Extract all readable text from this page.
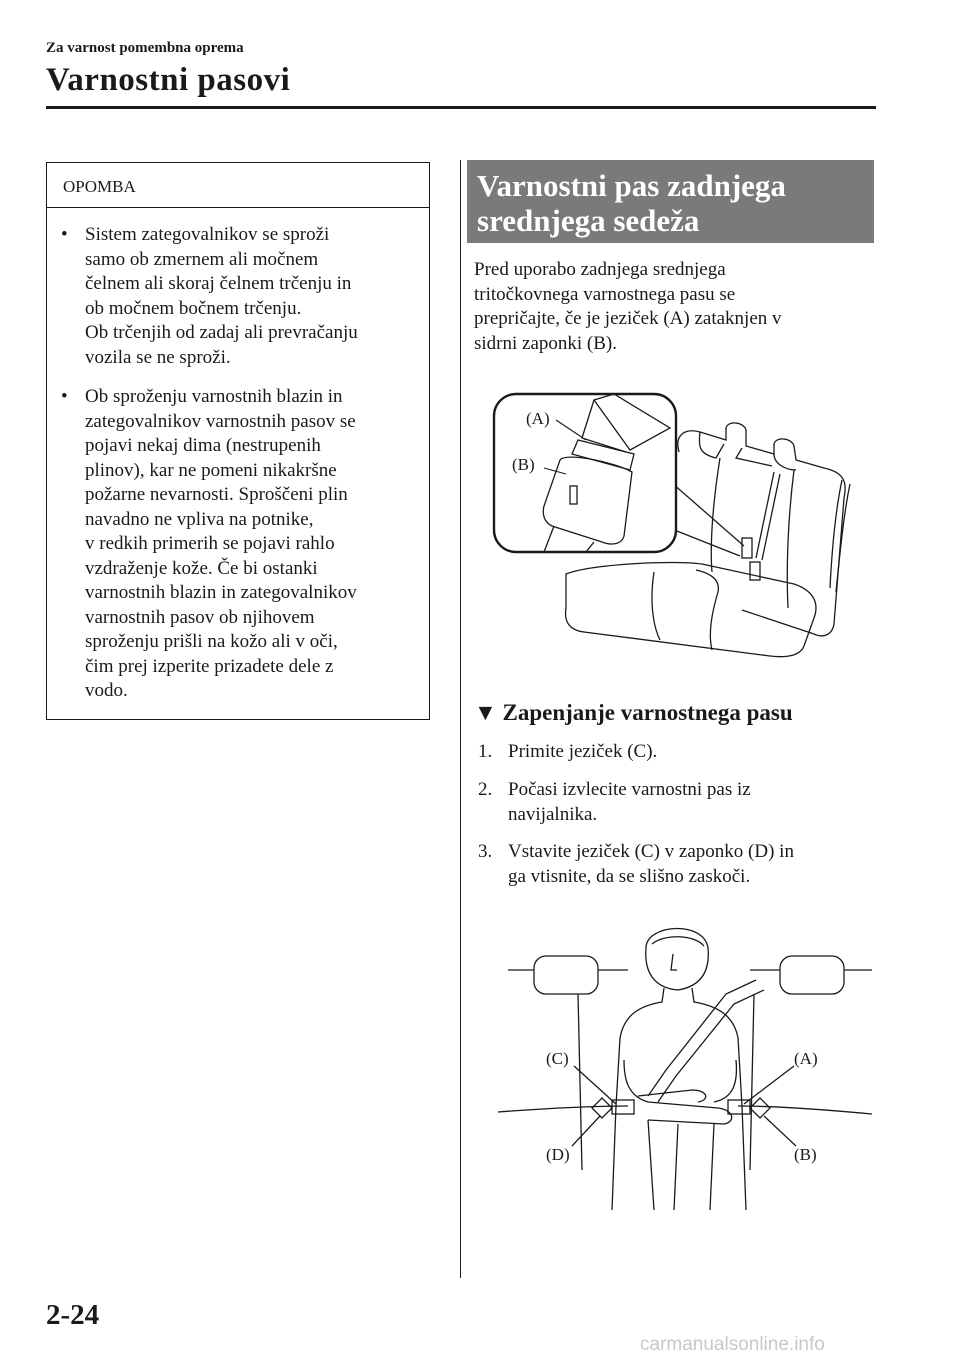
Za varnost pomembna oprema
Varnostni pasovi
OPOMBA
• Sistem zategovalnikov se sproži
samo ob zmernem ali močnem
čelnem ali skoraj čelnem trčenju in
ob močnem bočnem trčenju.
Ob trčenjih od zadaj ali prevračanju
vozila se ne sproži.
• Ob sproženju varnostnih blazin in
zategovalnikov varnostnih pasov se
pojavi nekaj dima (nestrupenih
plinov), kar ne pomeni nikakršne
požarne nevarnosti. Sproščeni plin
navadno ne vpliva na potnike,
v redkih primerih se pojavi rahlo
vzdraženje kože. Če bi ostanki
varnostnih blazin in zategovalnikov
varnostnih pasov ob njihovem
sproženju prišli na kožo ali v oči,
čim prej izperite prizadete dele z
vodo.
Varnostni pas zadnjega
srednjega sedeža
Pred uporabo zadnjega srednjega
tritočkovnega varnostnega pasu se
prepričajte, če je jeziček (A) zataknjen v
sidrni zaponki (B).
(A)
(B)
▼ Zapenjanje varnostnega pasu
1. Primite jeziček (C).
2. Počasi izvlecite varnostni pas iz
navijalnika.
3. Vstavite jeziček (C) v zaponko (D) in
ga vtisnite, da se slišno zaskoči.
(C)	(A)
(D)	(B)
2-24
carmanualsonline.info
